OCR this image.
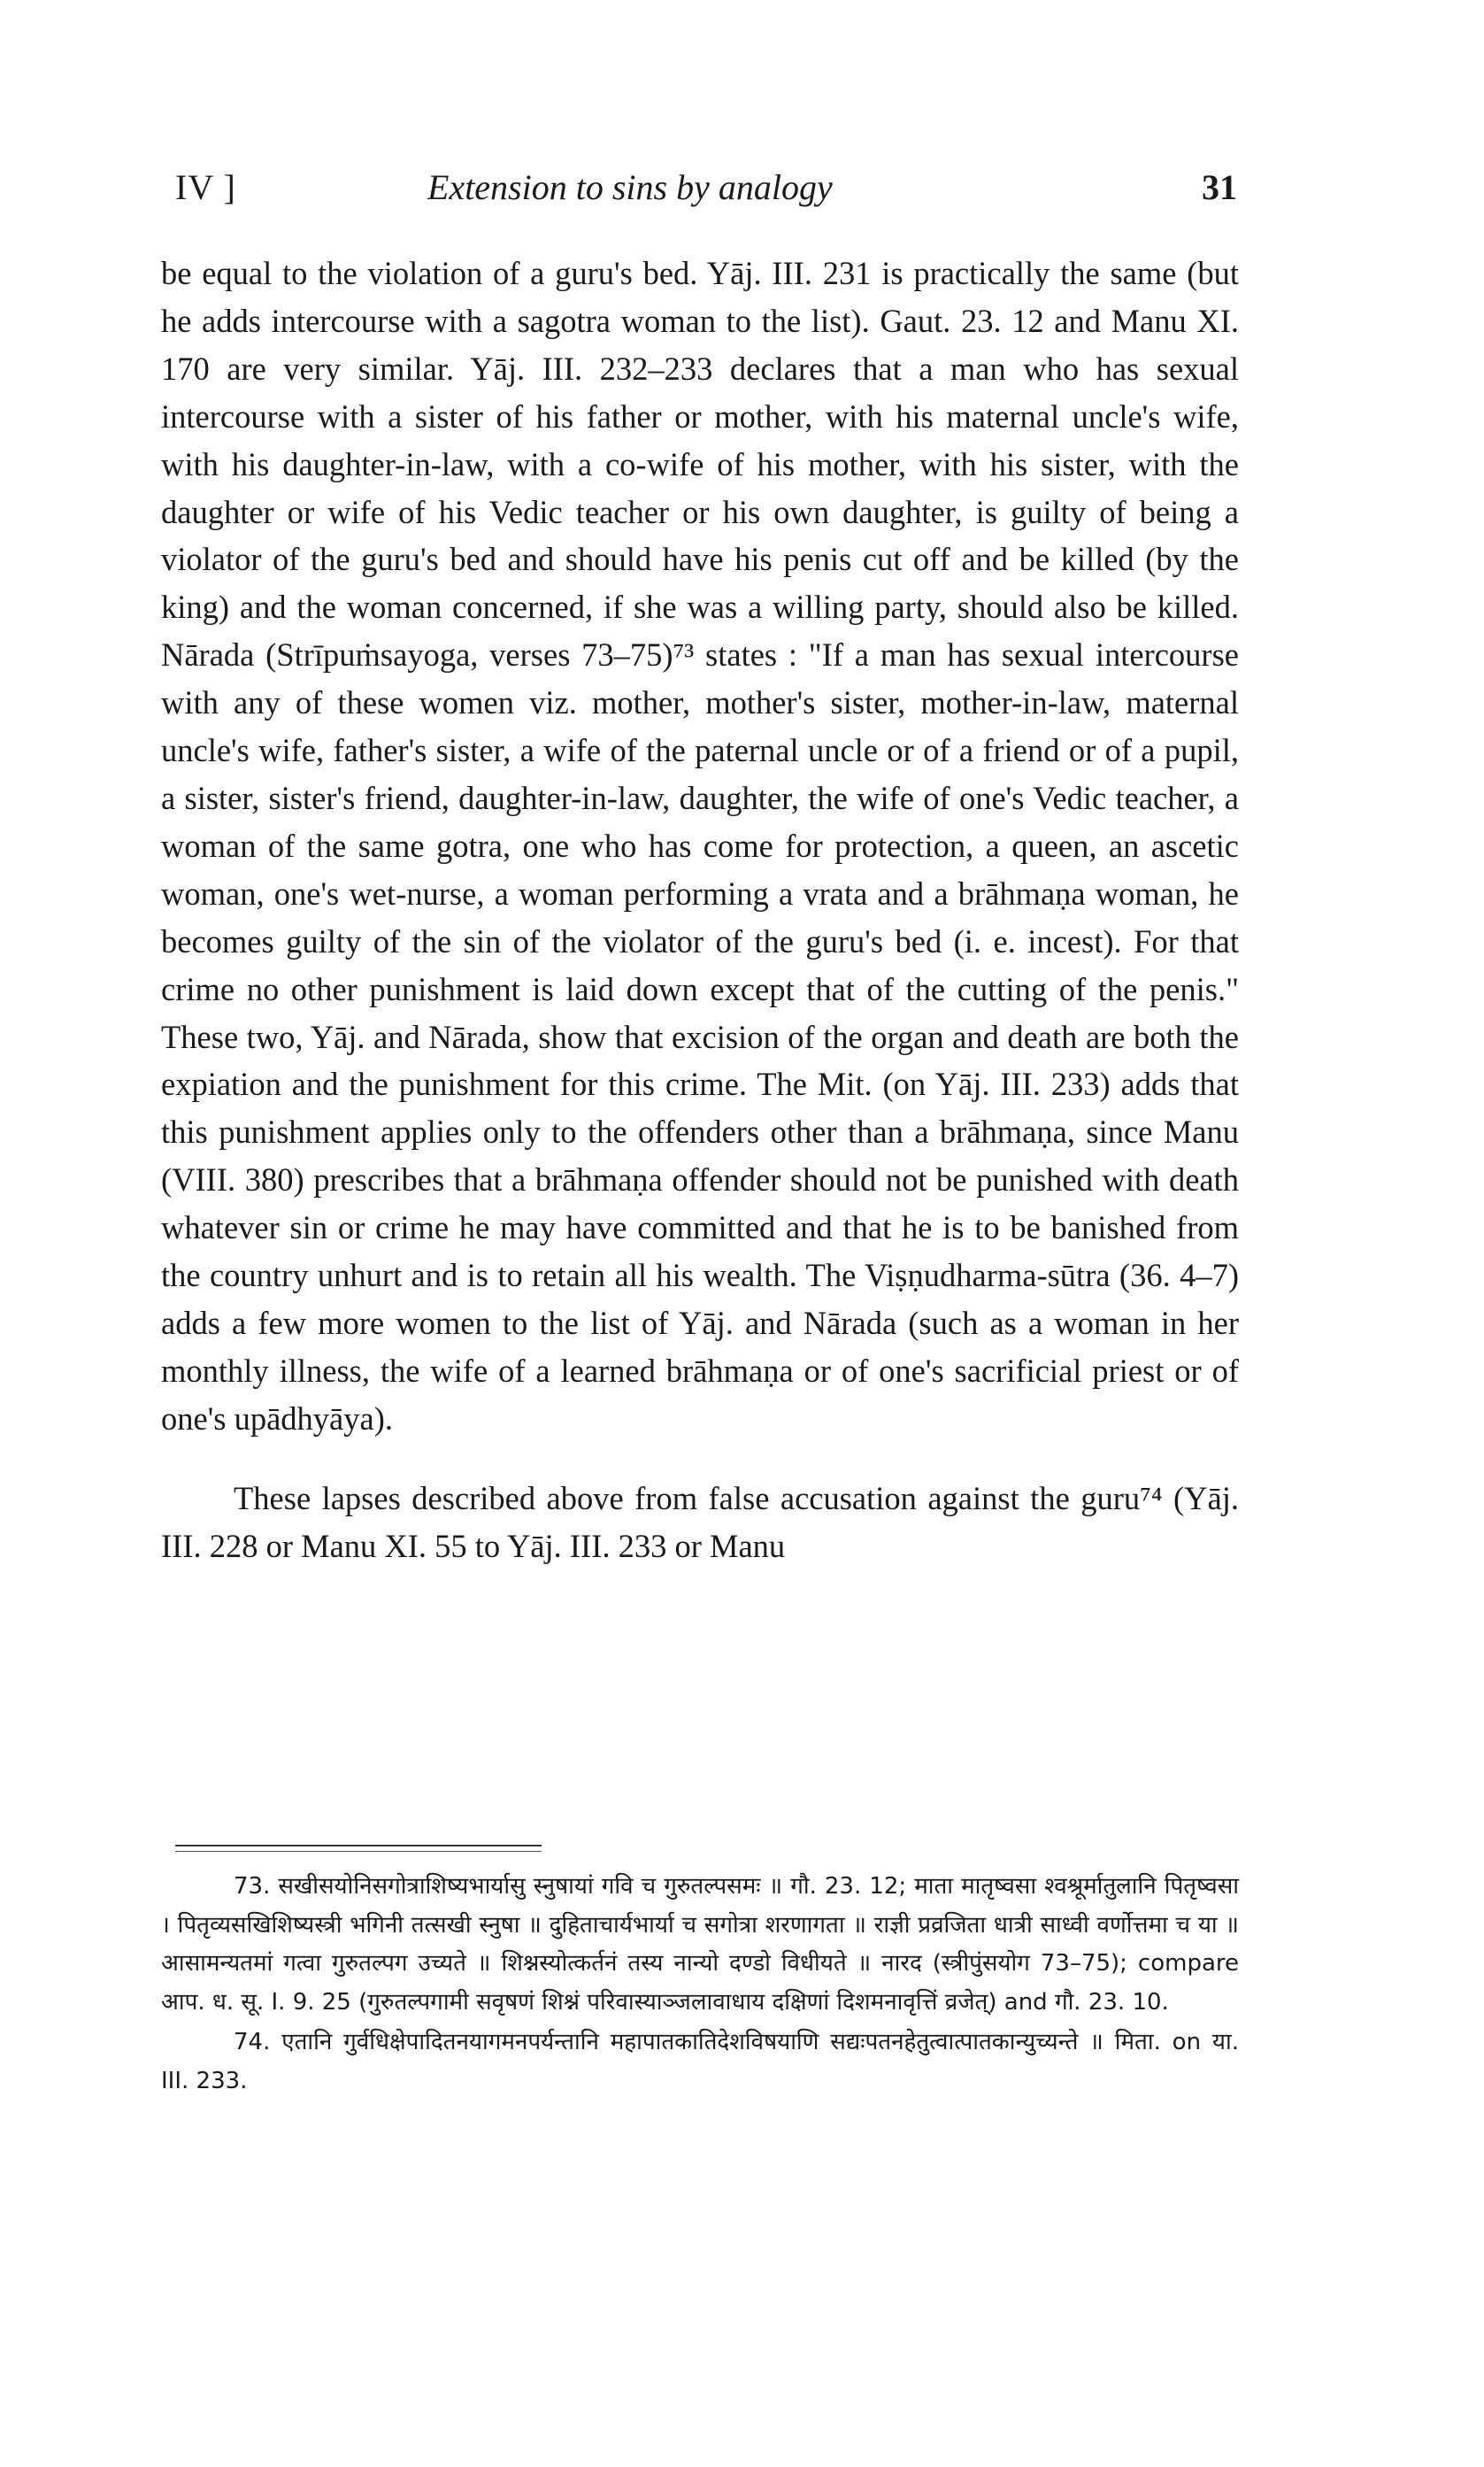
IV ]	Extension to sins by analogy	31

be equal to the violation of a guru's bed. Yāj. III. 231 is practically the same (but he adds intercourse with a sagotra woman to the list). Gaut. 23. 12 and Manu XI. 170 are very similar. Yāj. III. 232–233 declares that a man who has sexual intercourse with a sister of his father or mother, with his maternal uncle's wife, with his daughter-in-law, with a co-wife of his mother, with his sister, with the daughter or wife of his Vedic teacher or his own daughter, is guilty of being a violator of the guru's bed and should have his penis cut off and be killed (by the king) and the woman concerned, if she was a willing party, should also be killed. Nārada (Strīpuṁsayoga, verses 73–75)⁷³ states : "If a man has sexual intercourse with any of these women viz. mother, mother's sister, mother-in-law, maternal uncle's wife, father's sister, a wife of the paternal uncle or of a friend or of a pupil, a sister, sister's friend, daughter-in-law, daughter, the wife of one's Vedic teacher, a woman of the same gotra, one who has come for protection, a queen, an ascetic woman, one's wet-nurse, a woman performing a vrata and a brāhmaṇa woman, he becomes guilty of the sin of the violator of the guru's bed (i. e. incest). For that crime no other punishment is laid down except that of the cutting of the penis." These two, Yāj. and Nārada, show that excision of the organ and death are both the expiation and the punishment for this crime. The Mit. (on Yāj. III. 233) adds that this punishment applies only to the offenders other than a brāhmaṇa, since Manu (VIII. 380) prescribes that a brāhmaṇa offender should not be punished with death whatever sin or crime he may have committed and that he is to be banished from the country unhurt and is to retain all his wealth. The Viṣṇudharma-sūtra (36. 4–7) adds a few more women to the list of Yāj. and Nārada (such as a woman in her monthly illness, the wife of a learned brāhmaṇa or of one's sacrificial priest or of one's upādhyāya).

These lapses described above from false accusation against the guru⁷⁴ (Yāj. III. 228 or Manu XI. 55 to Yāj. III. 233 or Manu

73. सखीसयोनिसगोत्राशिष्यभार्यासु स्नुषायां गवि च गुरुतल्पसमः ॥ गौ. 23. 12; माता मातृष्वसा श्वश्रूर्मातुलानि पितृष्वसा । पितृव्यसखिशिष्यस्त्री भगिनी तत्सखी स्नुषा ॥ दुहिताचार्यभार्या च सगोत्रा शरणागता ॥ राज्ञी प्रव्रजिता धात्री साध्वी वर्णोत्तमा च या ॥ आसामन्यतमां गत्वा गुरुतल्पग उच्यते ॥ शिश्नस्योत्कर्तनं तस्य नान्यो दण्डो विधीयते ॥ नारद (स्त्रीपुंसयोग 73–75); compare आप. ध. सू. I. 9. 25 (गुरुतल्पगामी सवृषणं शिश्नं परिवास्याञ्जलावाधाय दक्षिणां दिशमनावृत्तिं व्रजेत्) and गौ. 23. 10.

74. एतानि गुर्वधिक्षेपादितनयागमनपर्यन्तानि महापातकातिदेशविषयाणि सद्यःपतनहेतुत्वात्पातकान्युच्यन्ते ॥ मिता. on या. III. 233.
